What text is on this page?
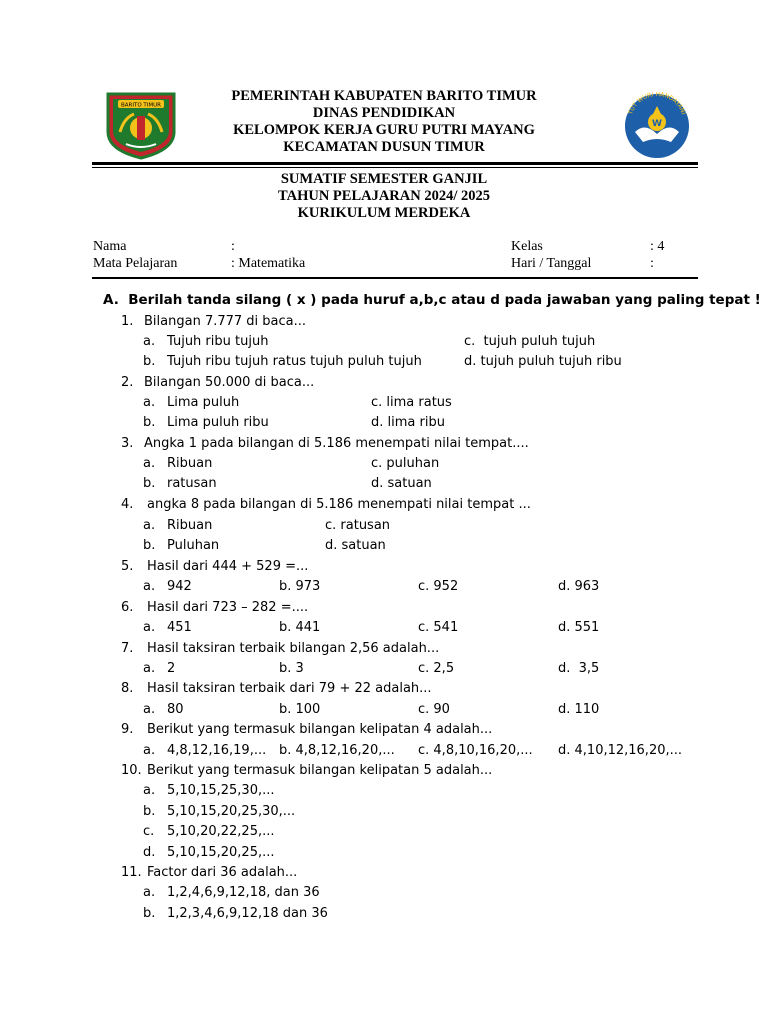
BARITO TIMUR
TUT WURI HANDAYANI
W
PEMERINTAH KABUPATEN BARITO TIMUR
DINAS PENDIDIKAN
KELOMPOK KERJA GURU PUTRI MAYANG
KECAMATAN DUSUN TIMUR
SUMATIF SEMESTER GANJIL
TAHUN PELAJARAN 2024/ 2025
KURIKULUM MERDEKA
Nama	:	Kelas	: 4
Mata Pelajaran	: Matematika	Hari / Tanggal	:
A.  Berilah tanda silang ( x ) pada huruf a,b,c atau d pada jawaban yang paling tepat !
1. Bilangan 7.777 di baca...
a. Tujuh ribu tujuh	c.  tujuh puluh tujuh
b. Tujuh ribu tujuh ratus tujuh puluh tujuh	d. tujuh puluh tujuh ribu
2. Bilangan 50.000 di baca...
a. Lima puluh	c. lima ratus
b. Lima puluh ribu	d. lima ribu
3. Angka 1 pada bilangan di 5.186 menempati nilai tempat....
a. Ribuan	c. puluhan
b. ratusan	d. satuan
4. angka 8 pada bilangan di 5.186 menempati nilai tempat ...
a. Ribuan	c. ratusan
b. Puluhan	d. satuan
5. Hasil dari 444 + 529 =...
a. 942	b. 973	c. 952	d. 963
6. Hasil dari 723 – 282 =....
a. 451	b. 441	c. 541	d. 551
7. Hasil taksiran terbaik bilangan 2,56 adalah...
a. 2	b. 3	c. 2,5	d.  3,5
8. Hasil taksiran terbaik dari 79 + 22 adalah...
a. 80	b. 100	c. 90	d. 110
9. Berikut yang termasuk bilangan kelipatan 4 adalah...
a. 4,8,12,16,19,... b. 4,8,12,16,20,... c. 4,8,10,16,20,... d. 4,10,12,16,20,...
10. Berikut yang termasuk bilangan kelipatan 5 adalah...
a. 5,10,15,25,30,...
b. 5,10,15,20,25,30,...
c. 5,10,20,22,25,...
d. 5,10,15,20,25,...
11. Factor dari 36 adalah...
a. 1,2,4,6,9,12,18, dan 36
b. 1,2,3,4,6,9,12,18 dan 36
